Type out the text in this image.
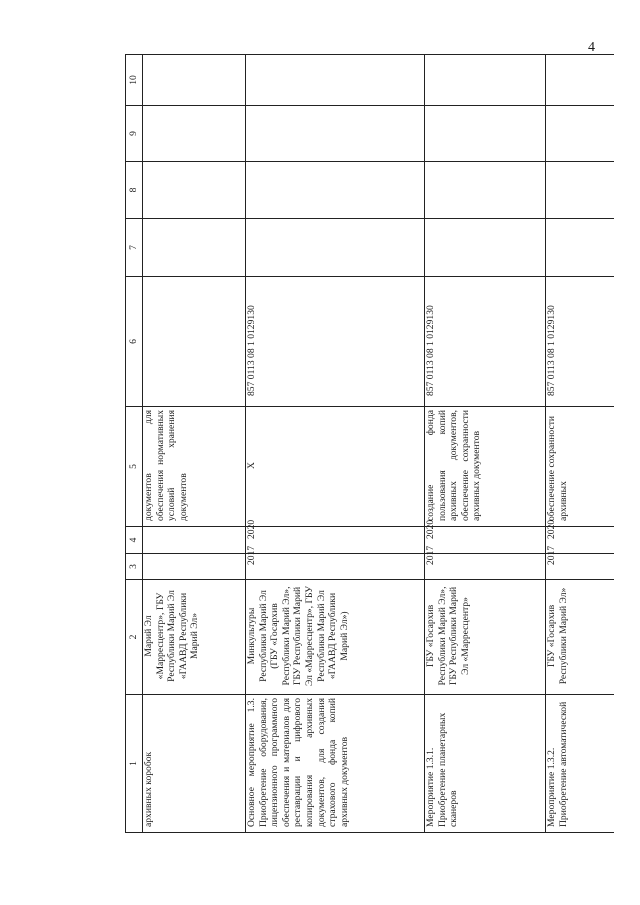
4
1	2	3	4	5	6	7	8	9	10
архивных коробок	Марий Эл «Марресцентр», ГБУ Республики Марий Эл «ГААВД Республики Марий Эл»			документов для обеспечения нормативных условий хранения документов					
Основное мероприятие 1.3. Приобретение оборудования, лицензионного программного обеспечения и материалов для реставрации и цифрового копирования архивных документов, для создания страхового фонда копий архивных документов	Минкультуры Республики Марий Эл (ГБУ «Госархив Республики Марий Эл», ГБУ Республики Марий Эл «Марресцентр», ГБУ Республики Марий Эл «ГААВД Республики Марий Эл»)	2017	2020	X	857 0113 08 1 0129130				
Мероприятие 1.3.1. Приобретение планетарных сканеров	ГБУ «Госархив Республики Марий Эл», ГБУ Республики Марий Эл «Марресцентр»	2017	2020	создание фонда пользования копий архивных документов, обеспечение сохранности архивных документов	857 0113 08 1 0129130				
Мероприятие 1.3.2. Приобретение автоматической	ГБУ «Госархив Республики Марий Эл»	2017	2020	обеспечение сохранности архивных	857 0113 08 1 0129130				
